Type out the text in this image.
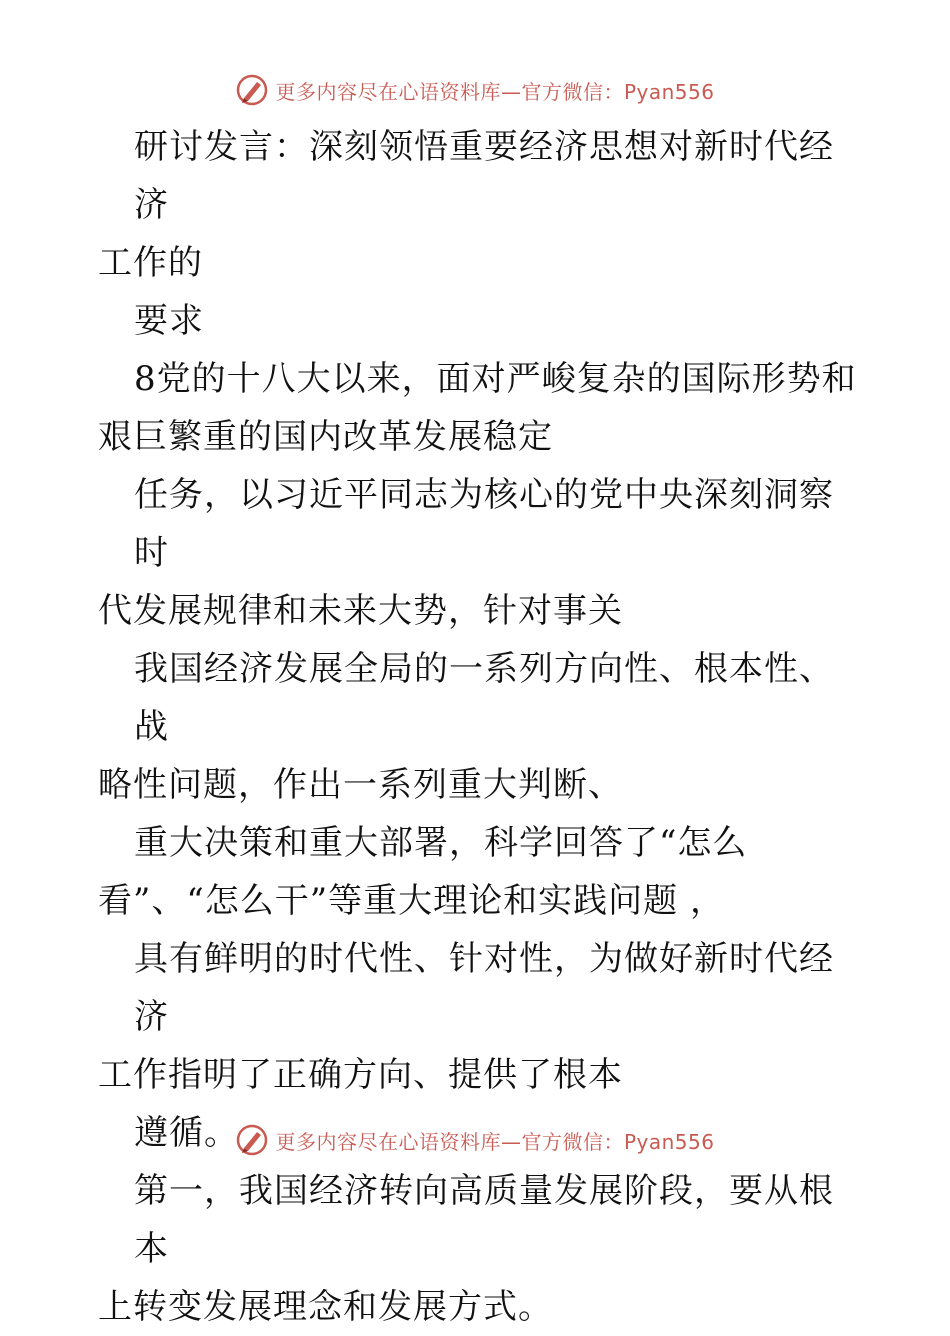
更多内容尽在心语资料库—官方微信：Pyan556

研讨发言：深刻领悟重要经济思想对新时代经济
工作的
要求
8党的十八大以来，面对严峻复杂的国际形势和
艰巨繁重的国内改革发展稳定
任务，以习近平同志为核心的党中央深刻洞察时
代发展规律和未来大势，针对事关
我国经济发展全局的一系列方向性、根本性、战
略性问题，作出一系列重大判断、
重大决策和重大部署，科学回答了“怎么
看”、“怎么干”等重大理论和实践问题 ，
具有鲜明的时代性、针对性，为做好新时代经济
工作指明了正确方向、提供了根本
遵循。
第一，我国经济转向高质量发展阶段，要从根本
上转变发展理念和发展方式。

更多内容尽在心语资料库—官方微信：Pyan556
